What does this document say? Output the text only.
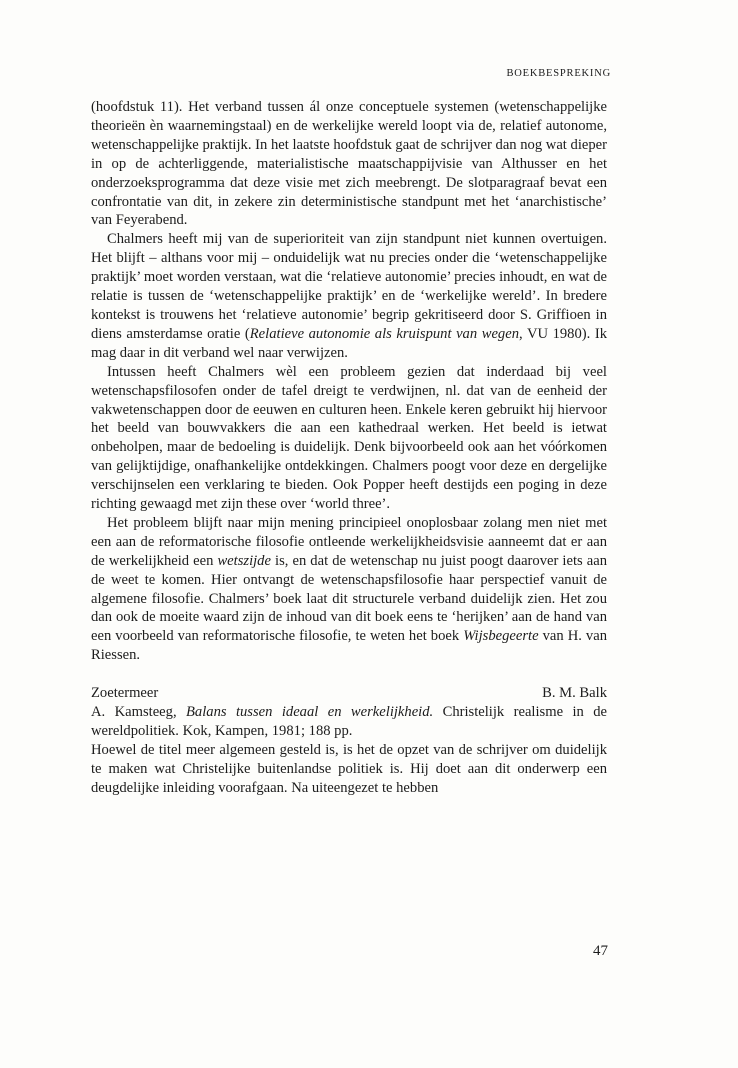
BOEKBESPREKING

(hoofdstuk 11). Het verband tussen ál onze conceptuele systemen (wetenschappelijke theorieën èn waarnemingstaal) en de werkelijke wereld loopt via de, relatief autonome, wetenschappelijke praktijk. In het laatste hoofdstuk gaat de schrijver dan nog wat dieper in op de achterliggende, materialistische maatschappijvisie van Althusser en het onderzoeksprogramma dat deze visie met zich meebrengt. De slotparagraaf bevat een confrontatie van dit, in zekere zin deterministische standpunt met het ‘anarchistische’ van Feyerabend.

Chalmers heeft mij van de superioriteit van zijn standpunt niet kunnen overtuigen. Het blijft – althans voor mij – onduidelijk wat nu precies onder die ‘wetenschappelijke praktijk’ moet worden verstaan, wat die ‘relatieve autonomie’ precies inhoudt, en wat de relatie is tussen de ‘wetenschappelijke praktijk’ en de ‘werkelijke wereld’. In bredere kontekst is trouwens het ‘relatieve autonomie’ begrip gekritiseerd door S. Griffioen in diens amsterdamse oratie (Relatieve autonomie als kruispunt van wegen, VU 1980). Ik mag daar in dit verband wel naar verwijzen.

Intussen heeft Chalmers wèl een probleem gezien dat inderdaad bij veel wetenschapsfilosofen onder de tafel dreigt te verdwijnen, nl. dat van de eenheid der vakwetenschappen door de eeuwen en culturen heen. Enkele keren gebruikt hij hiervoor het beeld van bouwvakkers die aan een kathedraal werken. Het beeld is ietwat onbeholpen, maar de bedoeling is duidelijk. Denk bijvoorbeeld ook aan het vóórkomen van gelijktijdige, onafhankelijke ontdekkingen. Chalmers poogt voor deze en dergelijke verschijnselen een verklaring te bieden. Ook Popper heeft destijds een poging in deze richting gewaagd met zijn these over ‘world three’.

Het probleem blijft naar mijn mening principieel onoplosbaar zolang men niet met een aan de reformatorische filosofie ontleende werkelijkheidsvisie aanneemt dat er aan de werkelijkheid een wetszijde is, en dat de wetenschap nu juist poogt daarover iets aan de weet te komen. Hier ontvangt de wetenschapsfilosofie haar perspectief vanuit de algemene filosofie. Chalmers’ boek laat dit structurele verband duidelijk zien. Het zou dan ook de moeite waard zijn de inhoud van dit boek eens te ‘herijken’ aan de hand van een voorbeeld van reformatorische filosofie, te weten het boek Wijsbegeerte van H. van Riessen.

Zoetermeer	B. M. Balk

A. Kamsteeg, Balans tussen ideaal en werkelijkheid. Christelijk realisme in de wereldpolitiek. Kok, Kampen, 1981; 188 pp.

Hoewel de titel meer algemeen gesteld is, is het de opzet van de schrijver om duidelijk te maken wat Christelijke buitenlandse politiek is. Hij doet aan dit onderwerp een deugdelijke inleiding voorafgaan. Na uiteengezet te hebben

47
